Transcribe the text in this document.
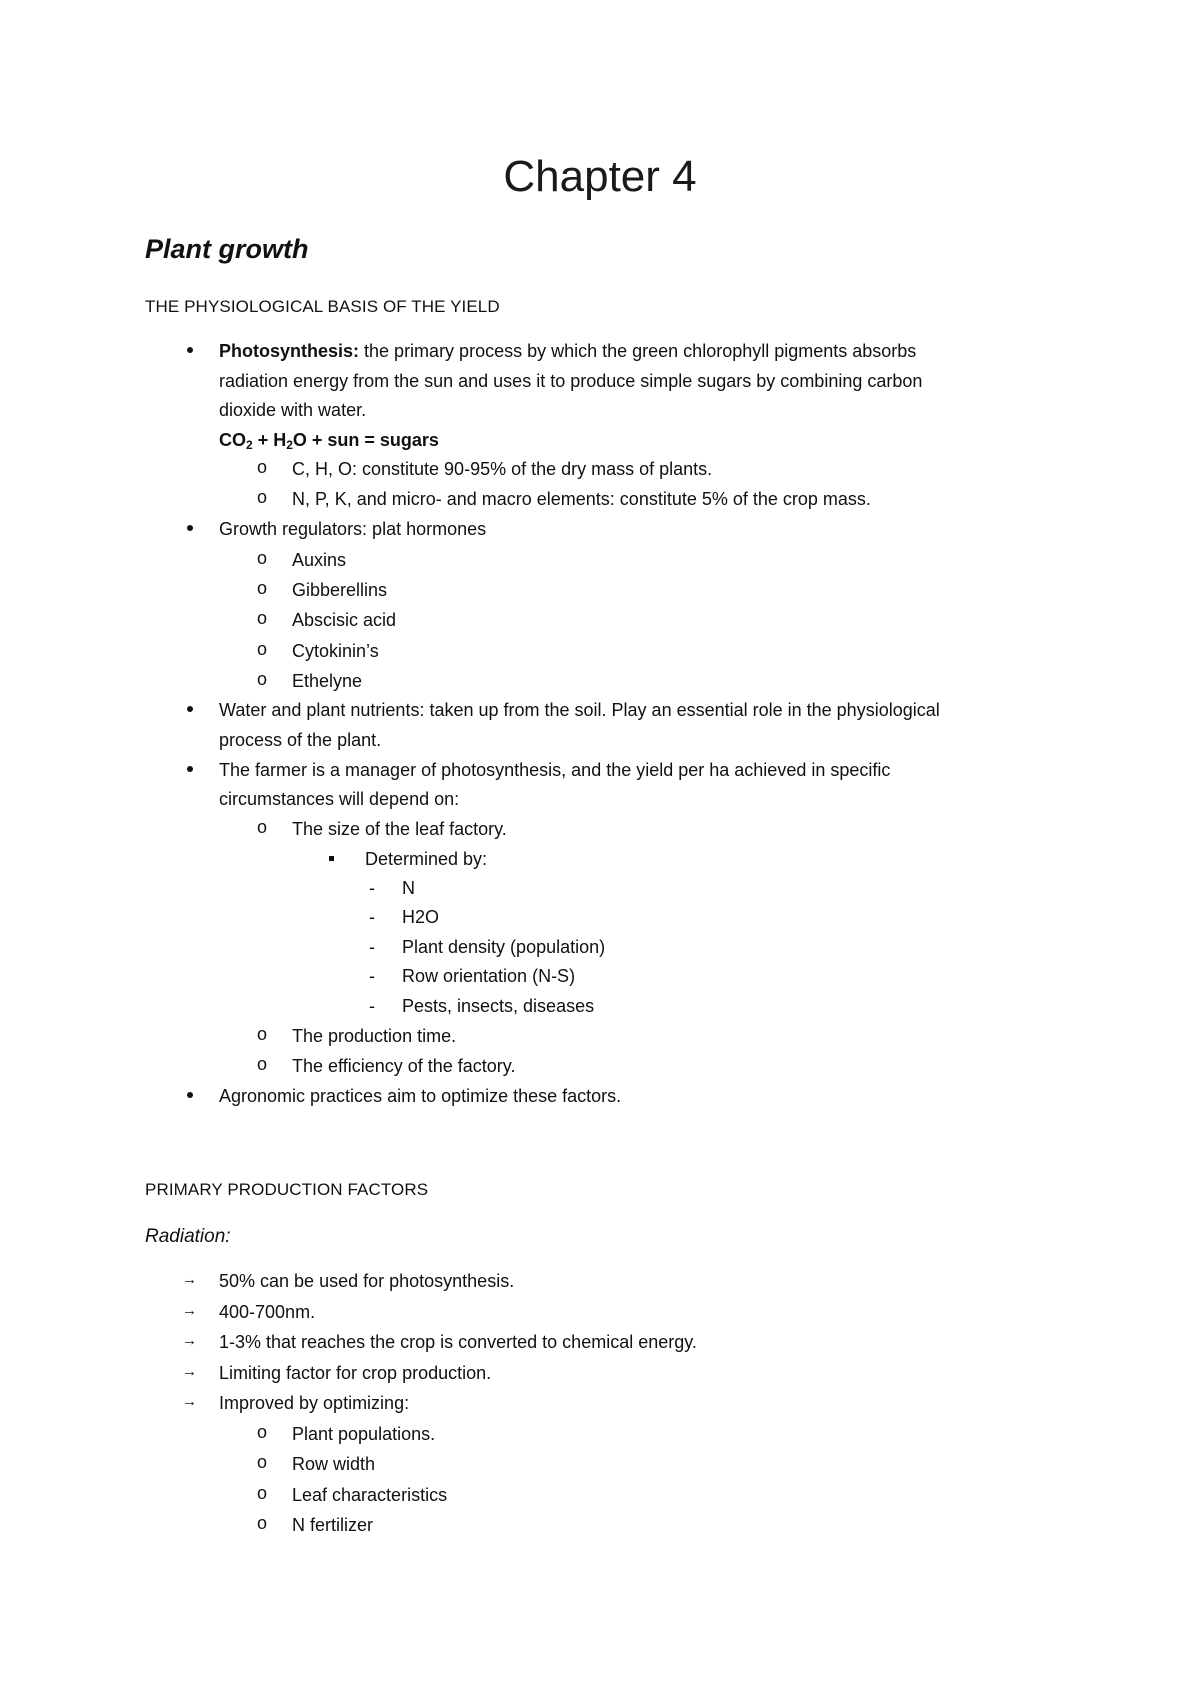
Chapter 4
Plant growth
THE PHYSIOLOGICAL BASIS OF THE YIELD
Photosynthesis: the primary process by which the green chlorophyll pigments absorbs
radiation energy from the sun and uses it to produce simple sugars by combining carbon
dioxide with water.
$CO_2 + H_2O$ + sun = sugars
o C, H, O: constitute 90-95% of the dry mass of plants.
o N, P, K, and micro- and macro elements: constitute 5% of the crop mass.
Growth regulators: plat hormones
o Auxins
o Gibberellins
o Abscisic acid
o Cytokinin’s
o Ethelyne
Water and plant nutrients: taken up from the soil. Play an essential role in the physiological
process of the plant.
The farmer is a manager of photosynthesis, and the yield per ha achieved in specific
circumstances will depend on:
o The size of the leaf factory.
Determined by:
- N
- H2O
- Plant density (population)
- Row orientation (N-S)
- Pests, insects, diseases
o The production time.
o The efficiency of the factory.
Agronomic practices aim to optimize these factors.
PRIMARY PRODUCTION FACTORS
Radiation:
→ 50% can be used for photosynthesis.
→ 400-700nm.
→ 1-3% that reaches the crop is converted to chemical energy.
→ Limiting factor for crop production.
→ Improved by optimizing:
o Plant populations.
o Row width
o Leaf characteristics
o N fertilizer
